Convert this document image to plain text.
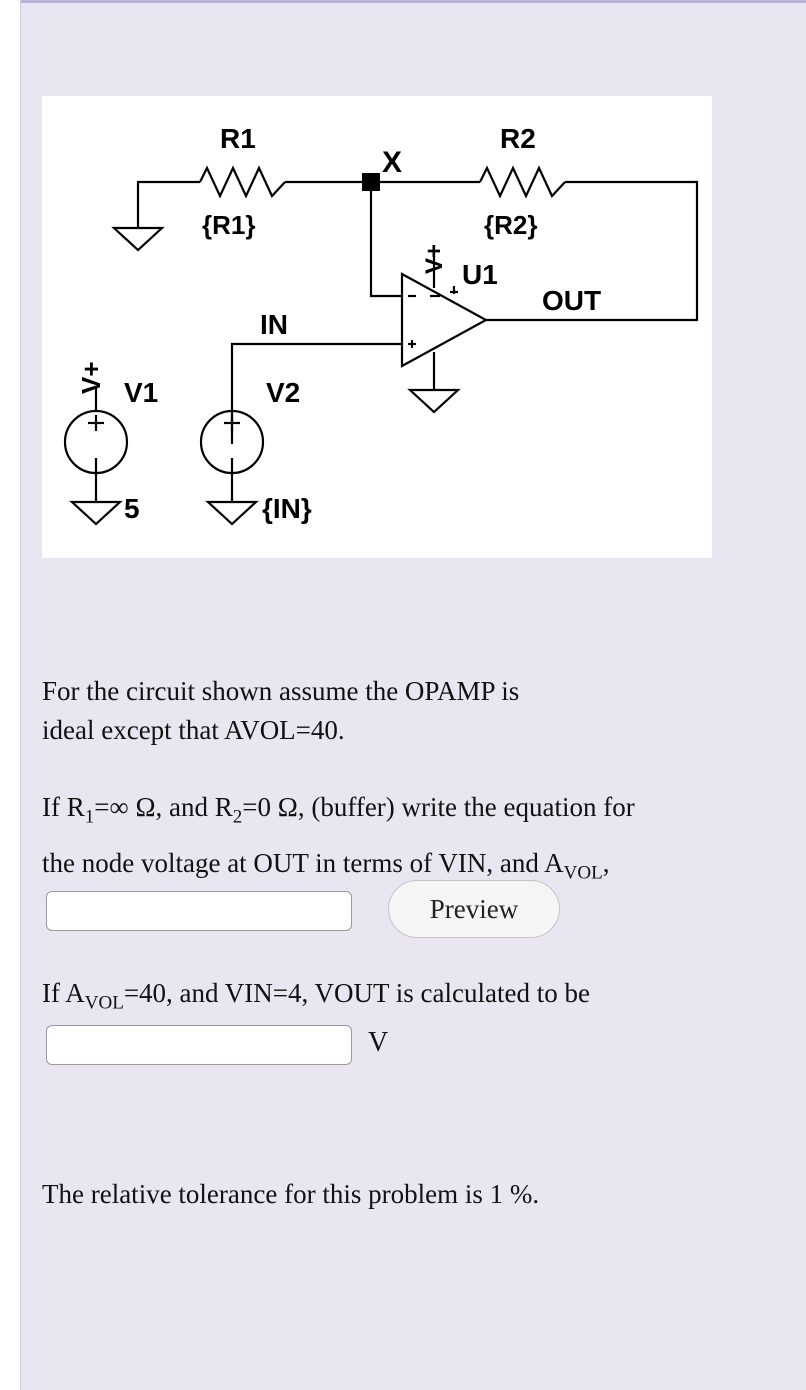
R1
{R1}
R2
{R2}
X
U1
OUT
IN
V1	V2
5	{IN}
V+
V+
For the circuit shown assume the OPAMP is
ideal except that AVOL=40.
If $R_1=\infty$ Ω, and $R_2=0$ Ω, (buffer) write the equation for
the node voltage at OUT in terms of VIN, and $A_{VOL}$,
Preview
If $A_{VOL}=40$, and VIN=4, VOUT is calculated to be
V
The relative tolerance for this problem is 1 %.
